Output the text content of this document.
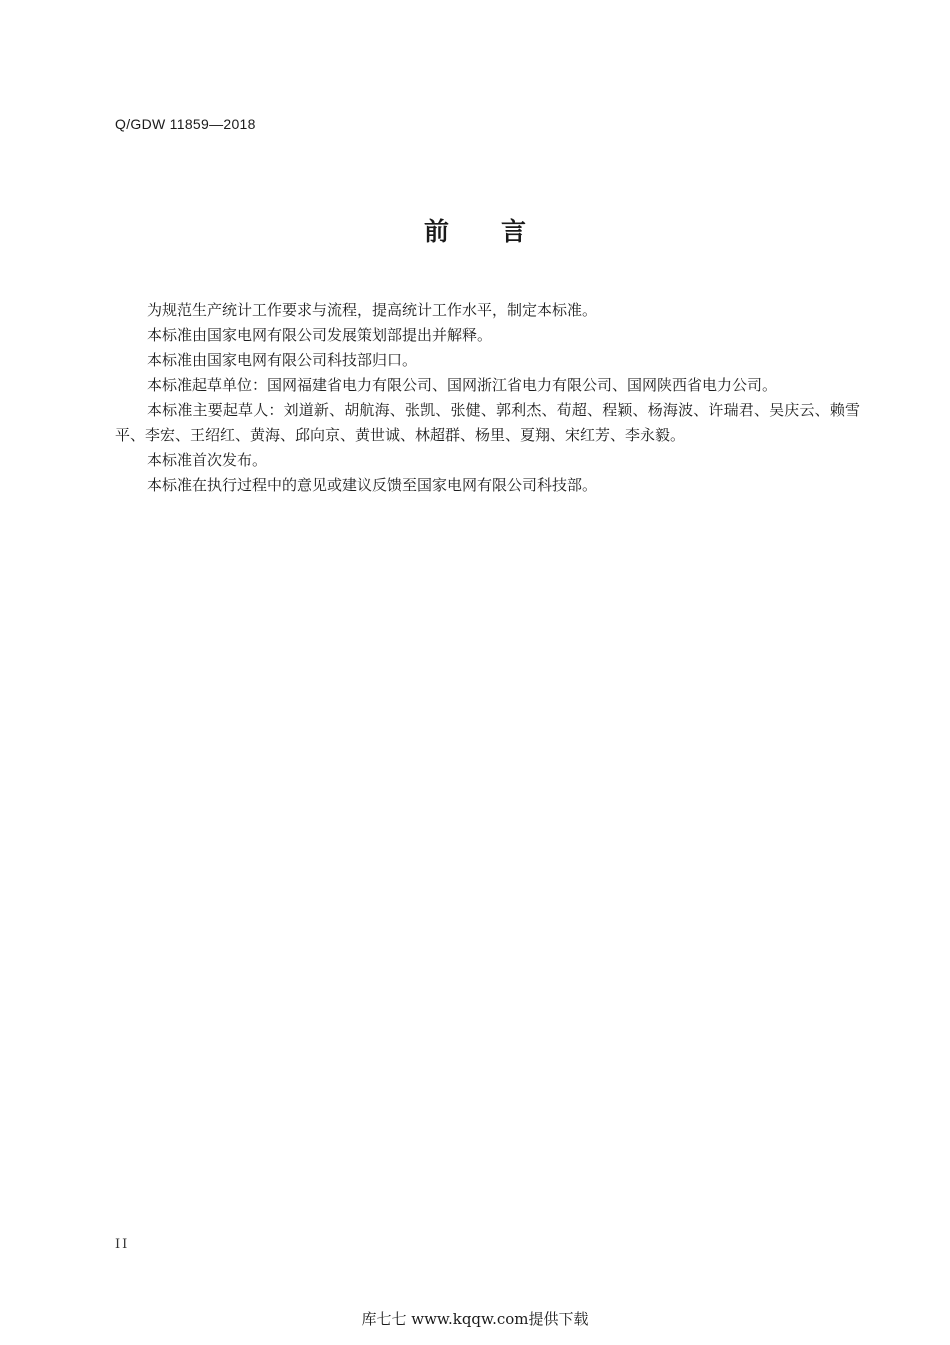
Q/GDW 11859—2018
前 言

为规范生产统计工作要求与流程，提高统计工作水平，制定本标准。

本标准由国家电网有限公司发展策划部提出并解释。

本标准由国家电网有限公司科技部归口。

本标准起草单位：国网福建省电力有限公司、国网浙江省电力有限公司、国网陕西省电力公司。

本标准主要起草人：刘道新、胡航海、张凯、张健、郭利杰、荀超、程颖、杨海波、许瑞君、吴庆云、赖雪平、李宏、王绍红、黄海、邱向京、黄世诚、林超群、杨里、夏翔、宋红芳、李永毅。

本标准首次发布。

本标准在执行过程中的意见或建议反馈至国家电网有限公司科技部。

II
库七七 www.kqqw.com提供下载
